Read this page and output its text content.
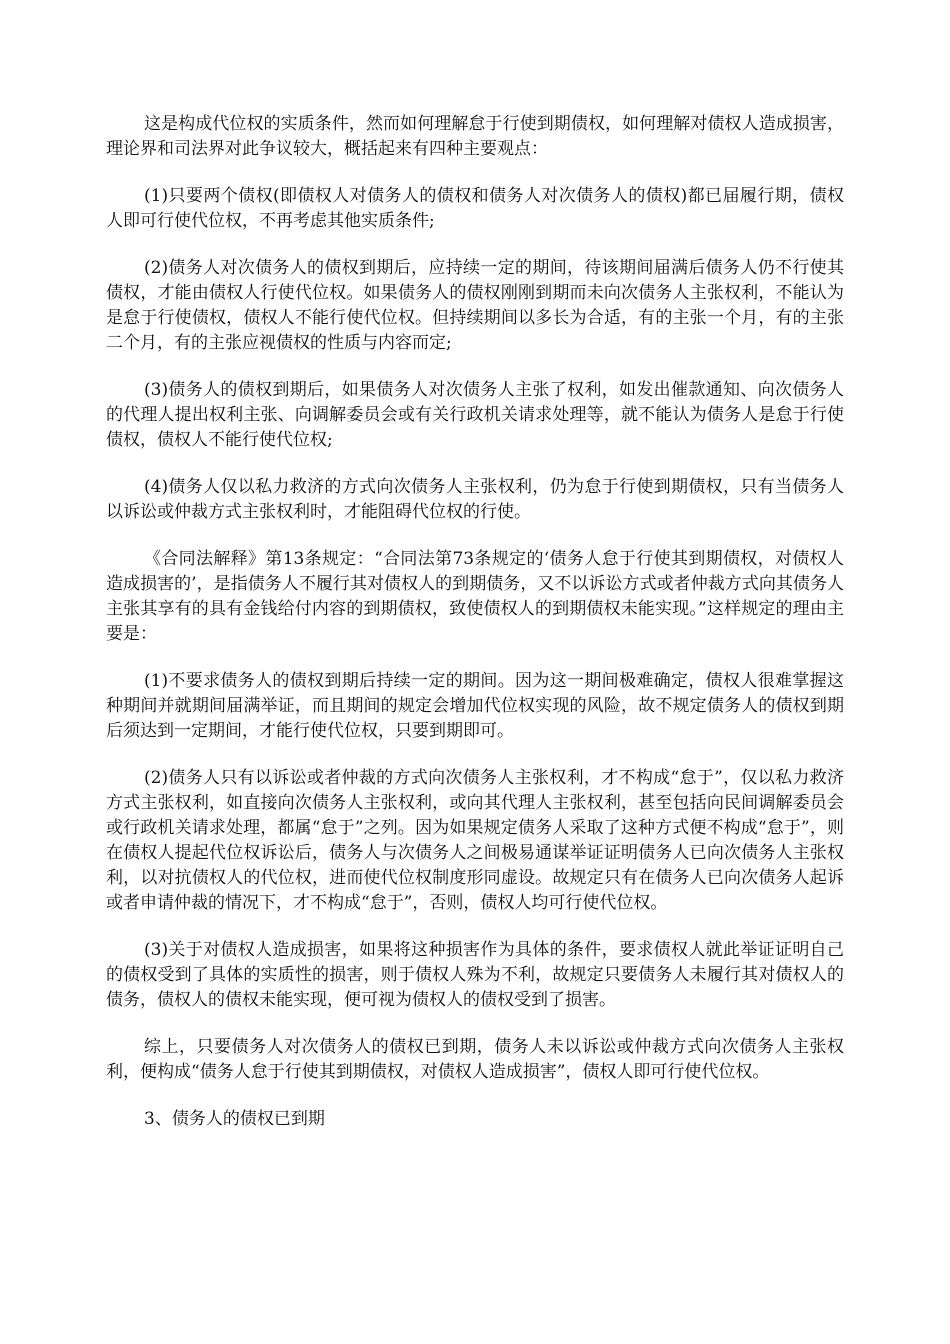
这是构成代位权的实质条件，然而如何理解怠于行使到期债权，如何理解对债权人造成损害，理论界和司法界对此争议较大，概括起来有四种主要观点：

(1)只要两个债权(即债权人对债务人的债权和债务人对次债务人的债权)都已届履行期，债权人即可行使代位权，不再考虑其他实质条件;

(2)债务人对次债务人的债权到期后，应持续一定的期间，待该期间届满后债务人仍不行使其债权，才能由债权人行使代位权。如果债务人的债权刚刚到期而未向次债务人主张权利，不能认为是怠于行使债权，债权人不能行使代位权。但持续期间以多长为合适，有的主张一个月，有的主张二个月，有的主张应视债权的性质与内容而定;

(3)债务人的债权到期后，如果债务人对次债务人主张了权利，如发出催款通知、向次债务人的代理人提出权利主张、向调解委员会或有关行政机关请求处理等，就不能认为债务人是怠于行使债权，债权人不能行使代位权;

(4)债务人仅以私力救济的方式向次债务人主张权利，仍为怠于行使到期债权，只有当债务人以诉讼或仲裁方式主张权利时，才能阻碍代位权的行使。

《合同法解释》第13条规定：“合同法第73条规定的‘债务人怠于行使其到期债权，对债权人造成损害的’，是指债务人不履行其对债权人的到期债务，又不以诉讼方式或者仲裁方式向其债务人主张其享有的具有金钱给付内容的到期债权，致使债权人的到期债权未能实现。”这样规定的理由主要是：

(1)不要求债务人的债权到期后持续一定的期间。因为这一期间极难确定，债权人很难掌握这种期间并就期间届满举证，而且期间的规定会增加代位权实现的风险，故不规定债务人的债权到期后须达到一定期间，才能行使代位权，只要到期即可。

(2)债务人只有以诉讼或者仲裁的方式向次债务人主张权利，才不构成“怠于”，仅以私力救济方式主张权利，如直接向次债务人主张权利，或向其代理人主张权利，甚至包括向民间调解委员会或行政机关请求处理，都属“怠于”之列。因为如果规定债务人采取了这种方式便不构成“怠于”，则在债权人提起代位权诉讼后，债务人与次债务人之间极易通谋举证证明债务人已向次债务人主张权利，以对抗债权人的代位权，进而使代位权制度形同虚设。故规定只有在债务人已向次债务人起诉或者申请仲裁的情况下，才不构成“怠于”，否则，债权人均可行使代位权。

(3)关于对债权人造成损害，如果将这种损害作为具体的条件，要求债权人就此举证证明自己的债权受到了具体的实质性的损害，则于债权人殊为不利，故规定只要债务人未履行其对债权人的债务，债权人的债权未能实现，便可视为债权人的债权受到了损害。

综上，只要债务人对次债务人的债权已到期，债务人未以诉讼或仲裁方式向次债务人主张权利，便构成“债务人怠于行使其到期债权，对债权人造成损害”，债权人即可行使代位权。

3、债务人的债权已到期
